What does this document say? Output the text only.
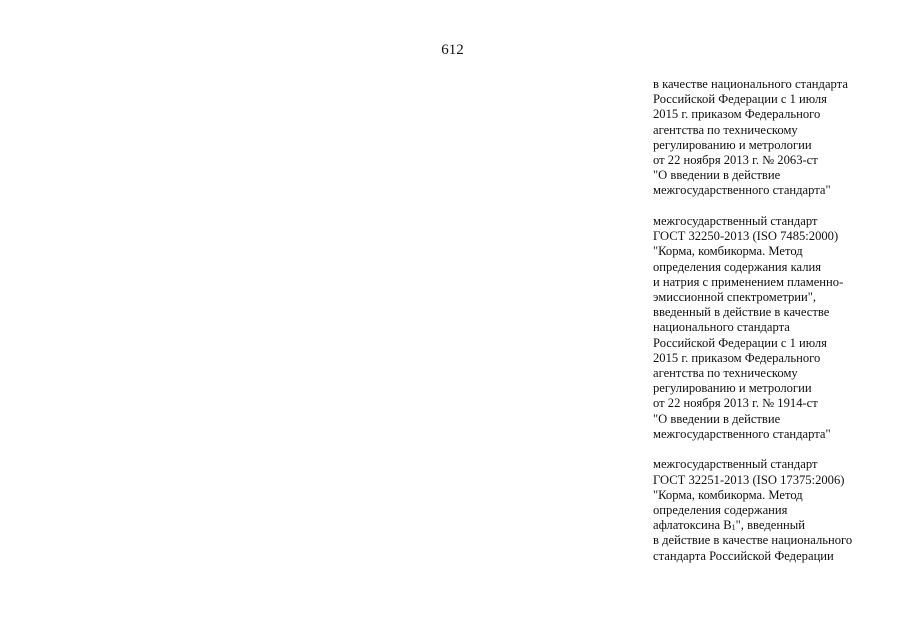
612
в качестве национального стандарта
Российской Федерации с 1 июля
2015 г. приказом Федерального
агентства по техническому
регулированию и метрологии
от 22 ноября 2013 г. № 2063-ст
"О введении в действие
межгосударственного стандарта"
межгосударственный стандарт
ГОСТ 32250-2013 (ISO 7485:2000)
"Корма, комбикорма. Метод
определения содержания калия
и натрия с применением пламенно-
эмиссионной спектрометрии",
введенный в действие в качестве
национального стандарта
Российской Федерации с 1 июля
2015 г. приказом Федерального
агентства по техническому
регулированию и метрологии
от 22 ноября 2013 г. № 1914-ст
"О введении в действие
межгосударственного стандарта"
межгосударственный стандарт
ГОСТ 32251-2013 (ISO 17375:2006)
"Корма, комбикорма. Метод
определения содержания
афлатоксина $B_1$", введенный
в действие в качестве национального
стандарта Российской Федерации
